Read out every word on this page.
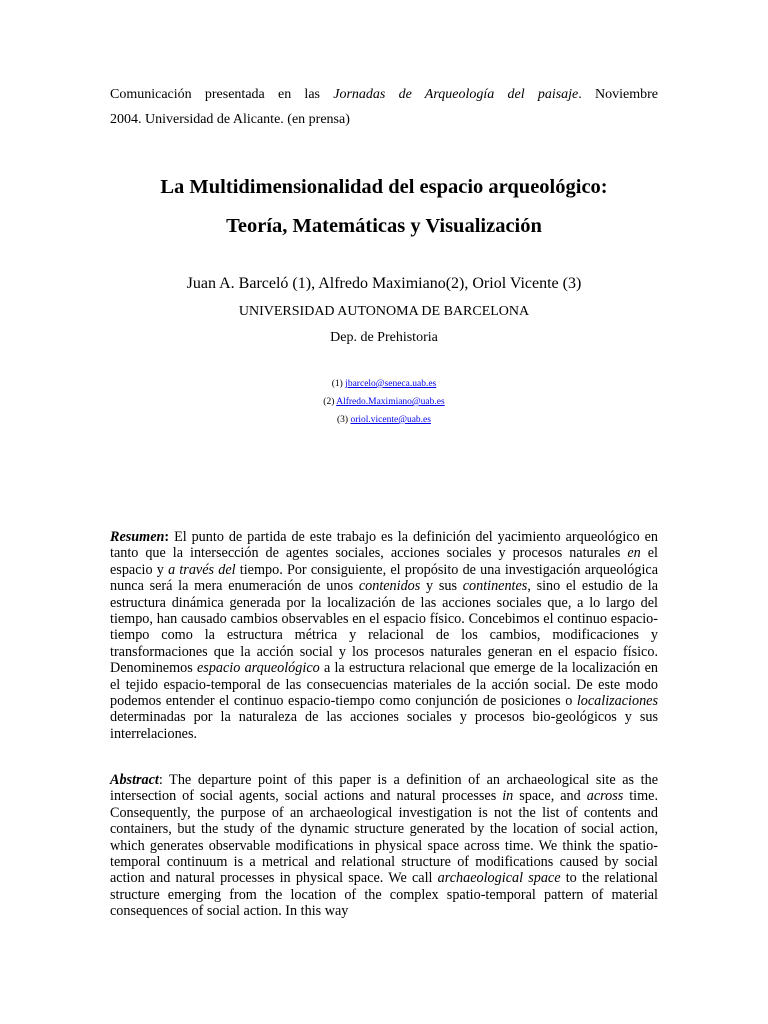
Comunicación presentada en las Jornadas de Arqueología del paisaje. Noviembre
2004. Universidad de Alicante. (en prensa)
La Multidimensionalidad del espacio arqueológico:
Teoría, Matemáticas y Visualización
Juan A. Barceló (1), Alfredo Maximiano(2), Oriol Vicente (3)
UNIVERSIDAD AUTONOMA DE BARCELONA
Dep. de Prehistoria
(1) jbarcelo@seneca.uab.es
(2) Alfredo.Maximiano@uab.es
(3) oriol.vicente@uab.es

Resumen: El punto de partida de este trabajo es la definición del yacimiento arqueológico en tanto que la intersección de agentes sociales, acciones sociales y procesos naturales en el espacio y a través del tiempo. Por consiguiente, el propósito de una investigación arqueológica nunca será la mera enumeración de unos contenidos y sus continentes, sino el estudio de la estructura dinámica generada por la localización de las acciones sociales que, a lo largo del tiempo, han causado cambios observables en el espacio físico. Concebimos el continuo espacio-tiempo como la estructura métrica y relacional de los cambios, modificaciones y transformaciones que la acción social y los procesos naturales generan en el espacio físico. Denominemos espacio arqueológico a la estructura relacional que emerge de la localización en el tejido espacio-temporal de las consecuencias materiales de la acción social. De este modo podemos entender el continuo espacio-tiempo como conjunción de posiciones o localizaciones determinadas por la naturaleza de las acciones sociales y procesos bio-geológicos y sus interrelaciones.

Abstract: The departure point of this paper is a definition of an archaeological site as the intersection of social agents, social actions and natural processes in space, and across time. Consequently, the purpose of an archaeological investigation is not the list of contents and containers, but the study of the dynamic structure generated by the location of social action, which generates observable modifications in physical space across time. We think the spatio-temporal continuum is a metrical and relational structure of modifications caused by social action and natural processes in physical space. We call archaeological space to the relational structure emerging from the location of the complex spatio-temporal pattern of material consequences of social action. In this way
